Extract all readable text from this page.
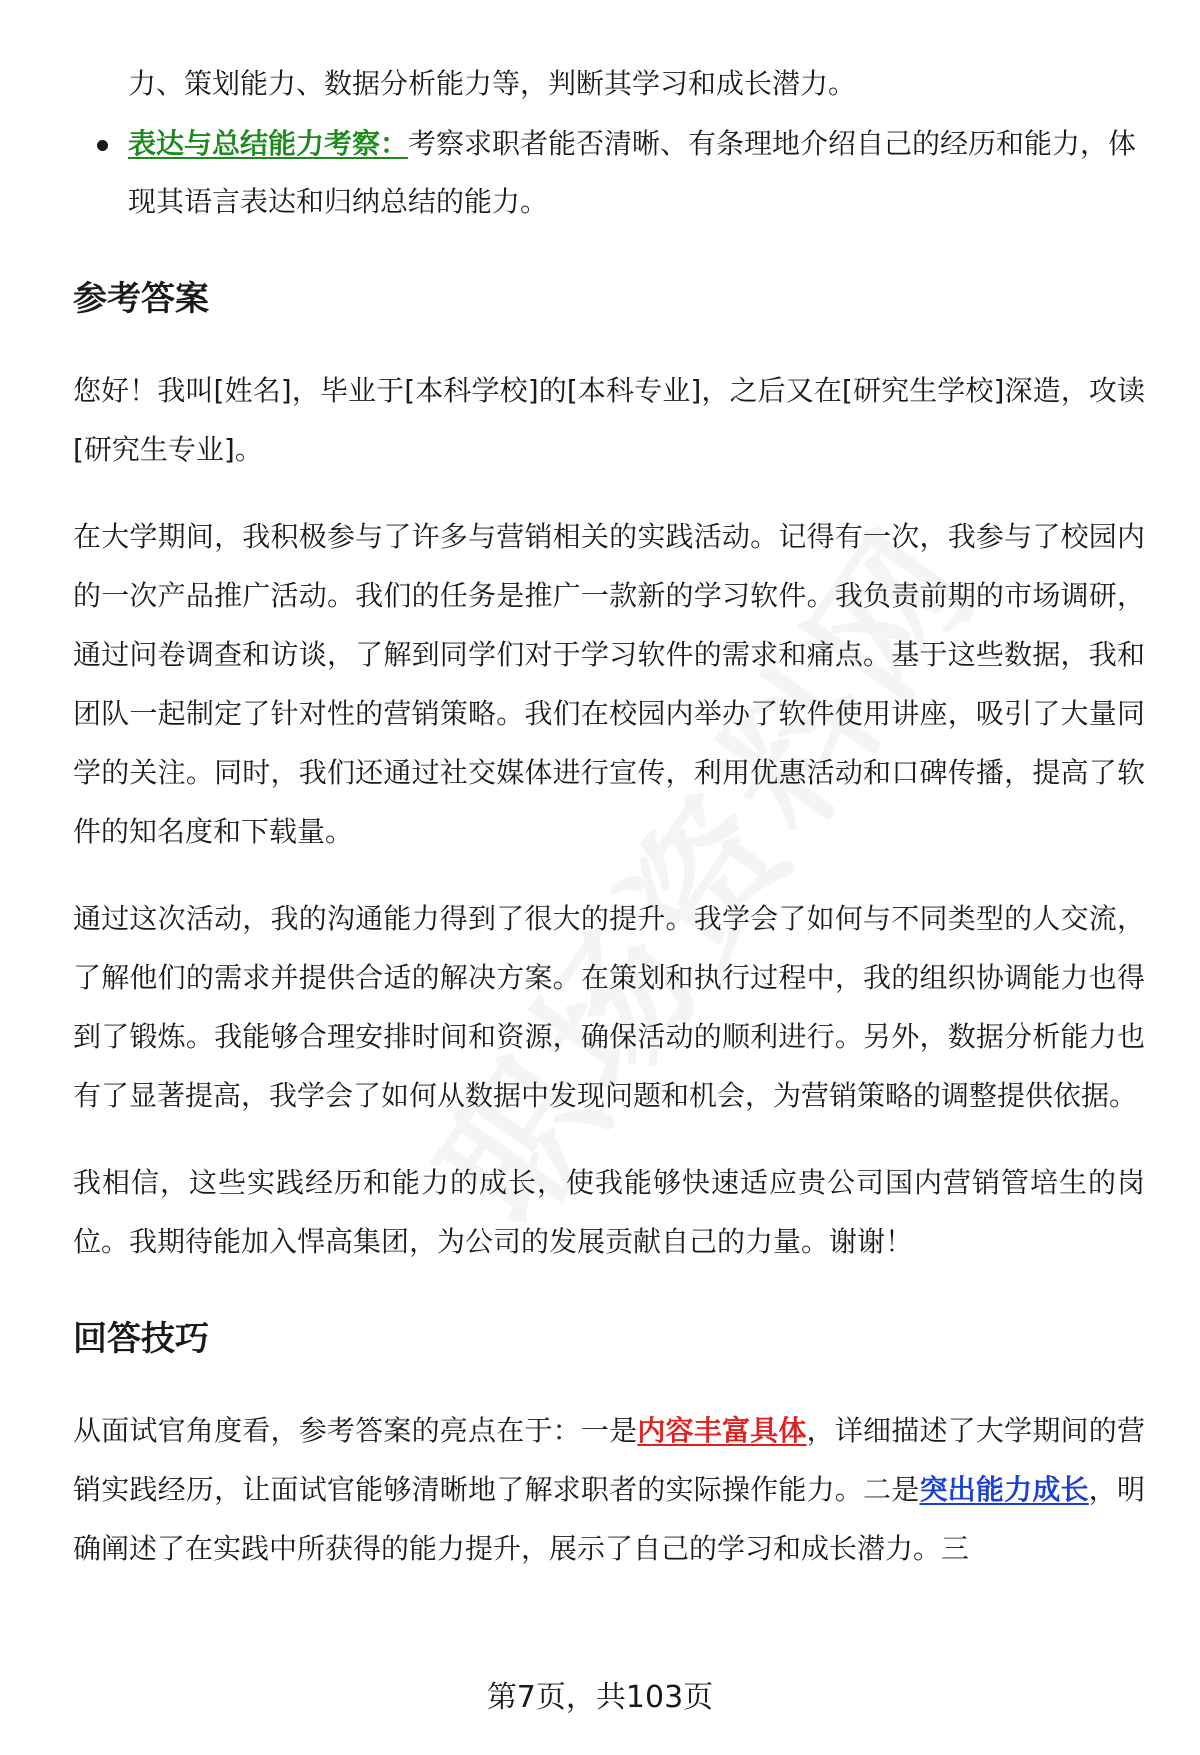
力、策划能力、数据分析能力等，判断其学习和成长潜力。
表达与总结能力考察：考察求职者能否清晰、有条理地介绍自己的经历和能力，体现其语言表达和归纳总结的能力。
参考答案

您好！我叫[姓名]，毕业于[本科学校]的[本科专业]，之后又在[研究生学校]深造，攻读[研究生专业]。

在大学期间，我积极参与了许多与营销相关的实践活动。记得有一次，我参与了校园内的一次产品推广活动。我们的任务是推广一款新的学习软件。我负责前期的市场调研，通过问卷调查和访谈，了解到同学们对于学习软件的需求和痛点。基于这些数据，我和团队一起制定了针对性的营销策略。我们在校园内举办了软件使用讲座，吸引了大量同学的关注。同时，我们还通过社交媒体进行宣传，利用优惠活动和口碑传播，提高了软件的知名度和下载量。

通过这次活动，我的沟通能力得到了很大的提升。我学会了如何与不同类型的人交流，了解他们的需求并提供合适的解决方案。在策划和执行过程中，我的组织协调能力也得到了锻炼。我能够合理安排时间和资源，确保活动的顺利进行。另外，数据分析能力也有了显著提高，我学会了如何从数据中发现问题和机会，为营销策略的调整提供依据。

我相信，这些实践经历和能力的成长，使我能够快速适应贵公司国内营销管培生的岗位。我期待能加入悍高集团，为公司的发展贡献自己的力量。谢谢！

回答技巧

从面试官角度看，参考答案的亮点在于：一是内容丰富具体，详细描述了大学期间的营销实践经历，让面试官能够清晰地了解求职者的实际操作能力。二是突出能力成长，明确阐述了在实践中所获得的能力提升，展示了自己的学习和成长潜力。三

第7页，共103页
